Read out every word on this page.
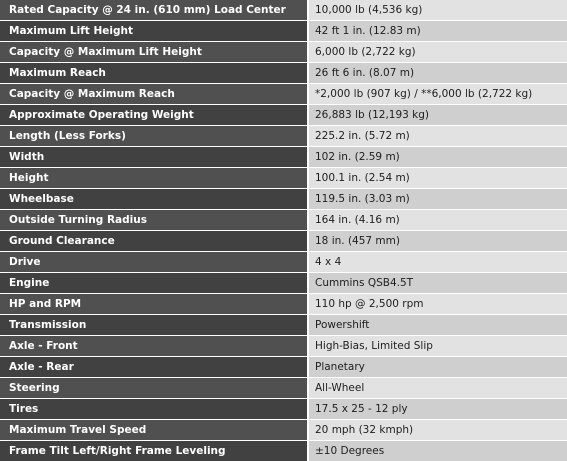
Rated Capacity @ 24 in. (610 mm) Load Center	10,000 lb (4,536 kg)
Maximum Lift Height	42 ft 1 in. (12.83 m)
Capacity @ Maximum Lift Height	6,000 lb (2,722 kg)
Maximum Reach	26 ft 6 in. (8.07 m)
Capacity @ Maximum Reach	*2,000 lb (907 kg) / **6,000 lb (2,722 kg)
Approximate Operating Weight	26,883 lb (12,193 kg)
Length (Less Forks)	225.2 in. (5.72 m)
Width	102 in. (2.59 m)
Height	100.1 in. (2.54 m)
Wheelbase	119.5 in. (3.03 m)
Outside Turning Radius	164 in. (4.16 m)
Ground Clearance	18 in. (457 mm)
Drive	4 x 4
Engine	Cummins QSB4.5T
HP and RPM	110 hp @ 2,500 rpm
Transmission	Powershift
Axle - Front	High-Bias, Limited Slip
Axle - Rear	Planetary
Steering	All-Wheel
Tires	17.5 x 25 - 12 ply
Maximum Travel Speed	20 mph (32 kmph)
Frame Tilt Left/Right Frame Leveling	±10 Degrees
